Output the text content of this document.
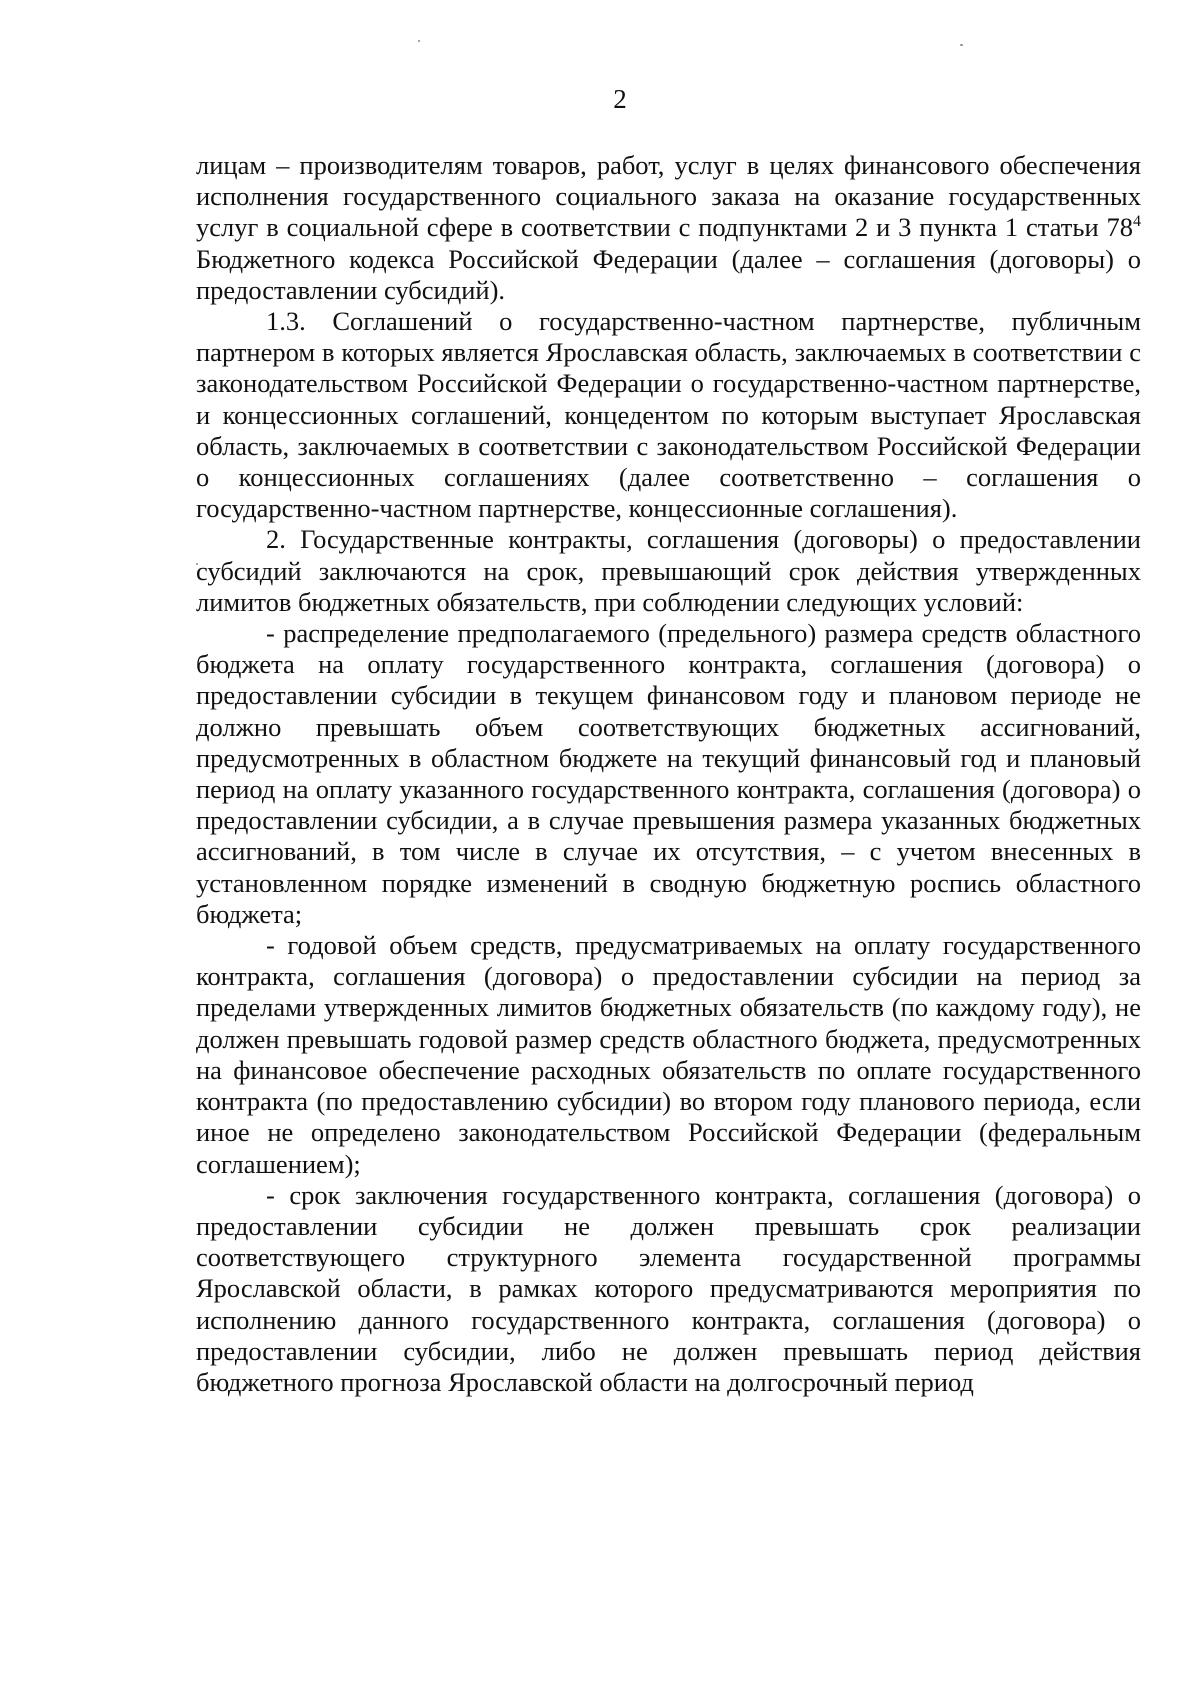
2

лицам – производителям товаров, работ, услуг в целях финансового обеспечения исполнения государственного социального заказа на оказание государственных услуг в социальной сфере в соответствии с подпунктами 2 и 3 пункта 1 статьи $78^4$ Бюджетного кодекса Российской Федерации (далее – соглашения (договоры) о предоставлении субсидий).

1.3. Соглашений о государственно-частном партнерстве, публичным партнером в которых является Ярославская область, заключаемых в соответствии с законодательством Российской Федерации о государственно-частном партнерстве, и концессионных соглашений, концедентом по которым выступает Ярославская область, заключаемых в соответствии с законодательством Российской Федерации о концессионных соглашениях (далее соответственно – соглашения о государственно-частном партнерстве, концессионные соглашения).

2. Государственные контракты, соглашения (договоры) о предоставлении субсидий заключаются на срок, превышающий срок действия утвержденных лимитов бюджетных обязательств, при соблюдении следующих условий:

- распределение предполагаемого (предельного) размера средств областного бюджета на оплату государственного контракта, соглашения (договора) о предоставлении субсидии в текущем финансовом году и плановом периоде не должно превышать объем соответствующих бюджетных ассигнований, предусмотренных в областном бюджете на текущий финансовый год и плановый период на оплату указанного государственного контракта, соглашения (договора) о предоставлении субсидии, а в случае превышения размера указанных бюджетных ассигнований, в том числе в случае их отсутствия, – с учетом внесенных в установленном порядке изменений в сводную бюджетную роспись областного бюджета;

- годовой объем средств, предусматриваемых на оплату государственного контракта, соглашения (договора) о предоставлении субсидии на период за пределами утвержденных лимитов бюджетных обязательств (по каждому году), не должен превышать годовой размер средств областного бюджета, предусмотренных на финансовое обеспечение расходных обязательств по оплате государственного контракта (по предоставлению субсидии) во втором году планового периода, если иное не определено законодательством Российской Федерации (федеральным соглашением);

- срок заключения государственного контракта, соглашения (договора) о предоставлении субсидии не должен превышать срок реализации соответствующего структурного элемента государственной программы Ярославской области, в рамках которого предусматриваются мероприятия по исполнению данного государственного контракта, соглашения (договора) о предоставлении субсидии, либо не должен превышать период действия бюджетного прогноза Ярославской области на долгосрочный период
